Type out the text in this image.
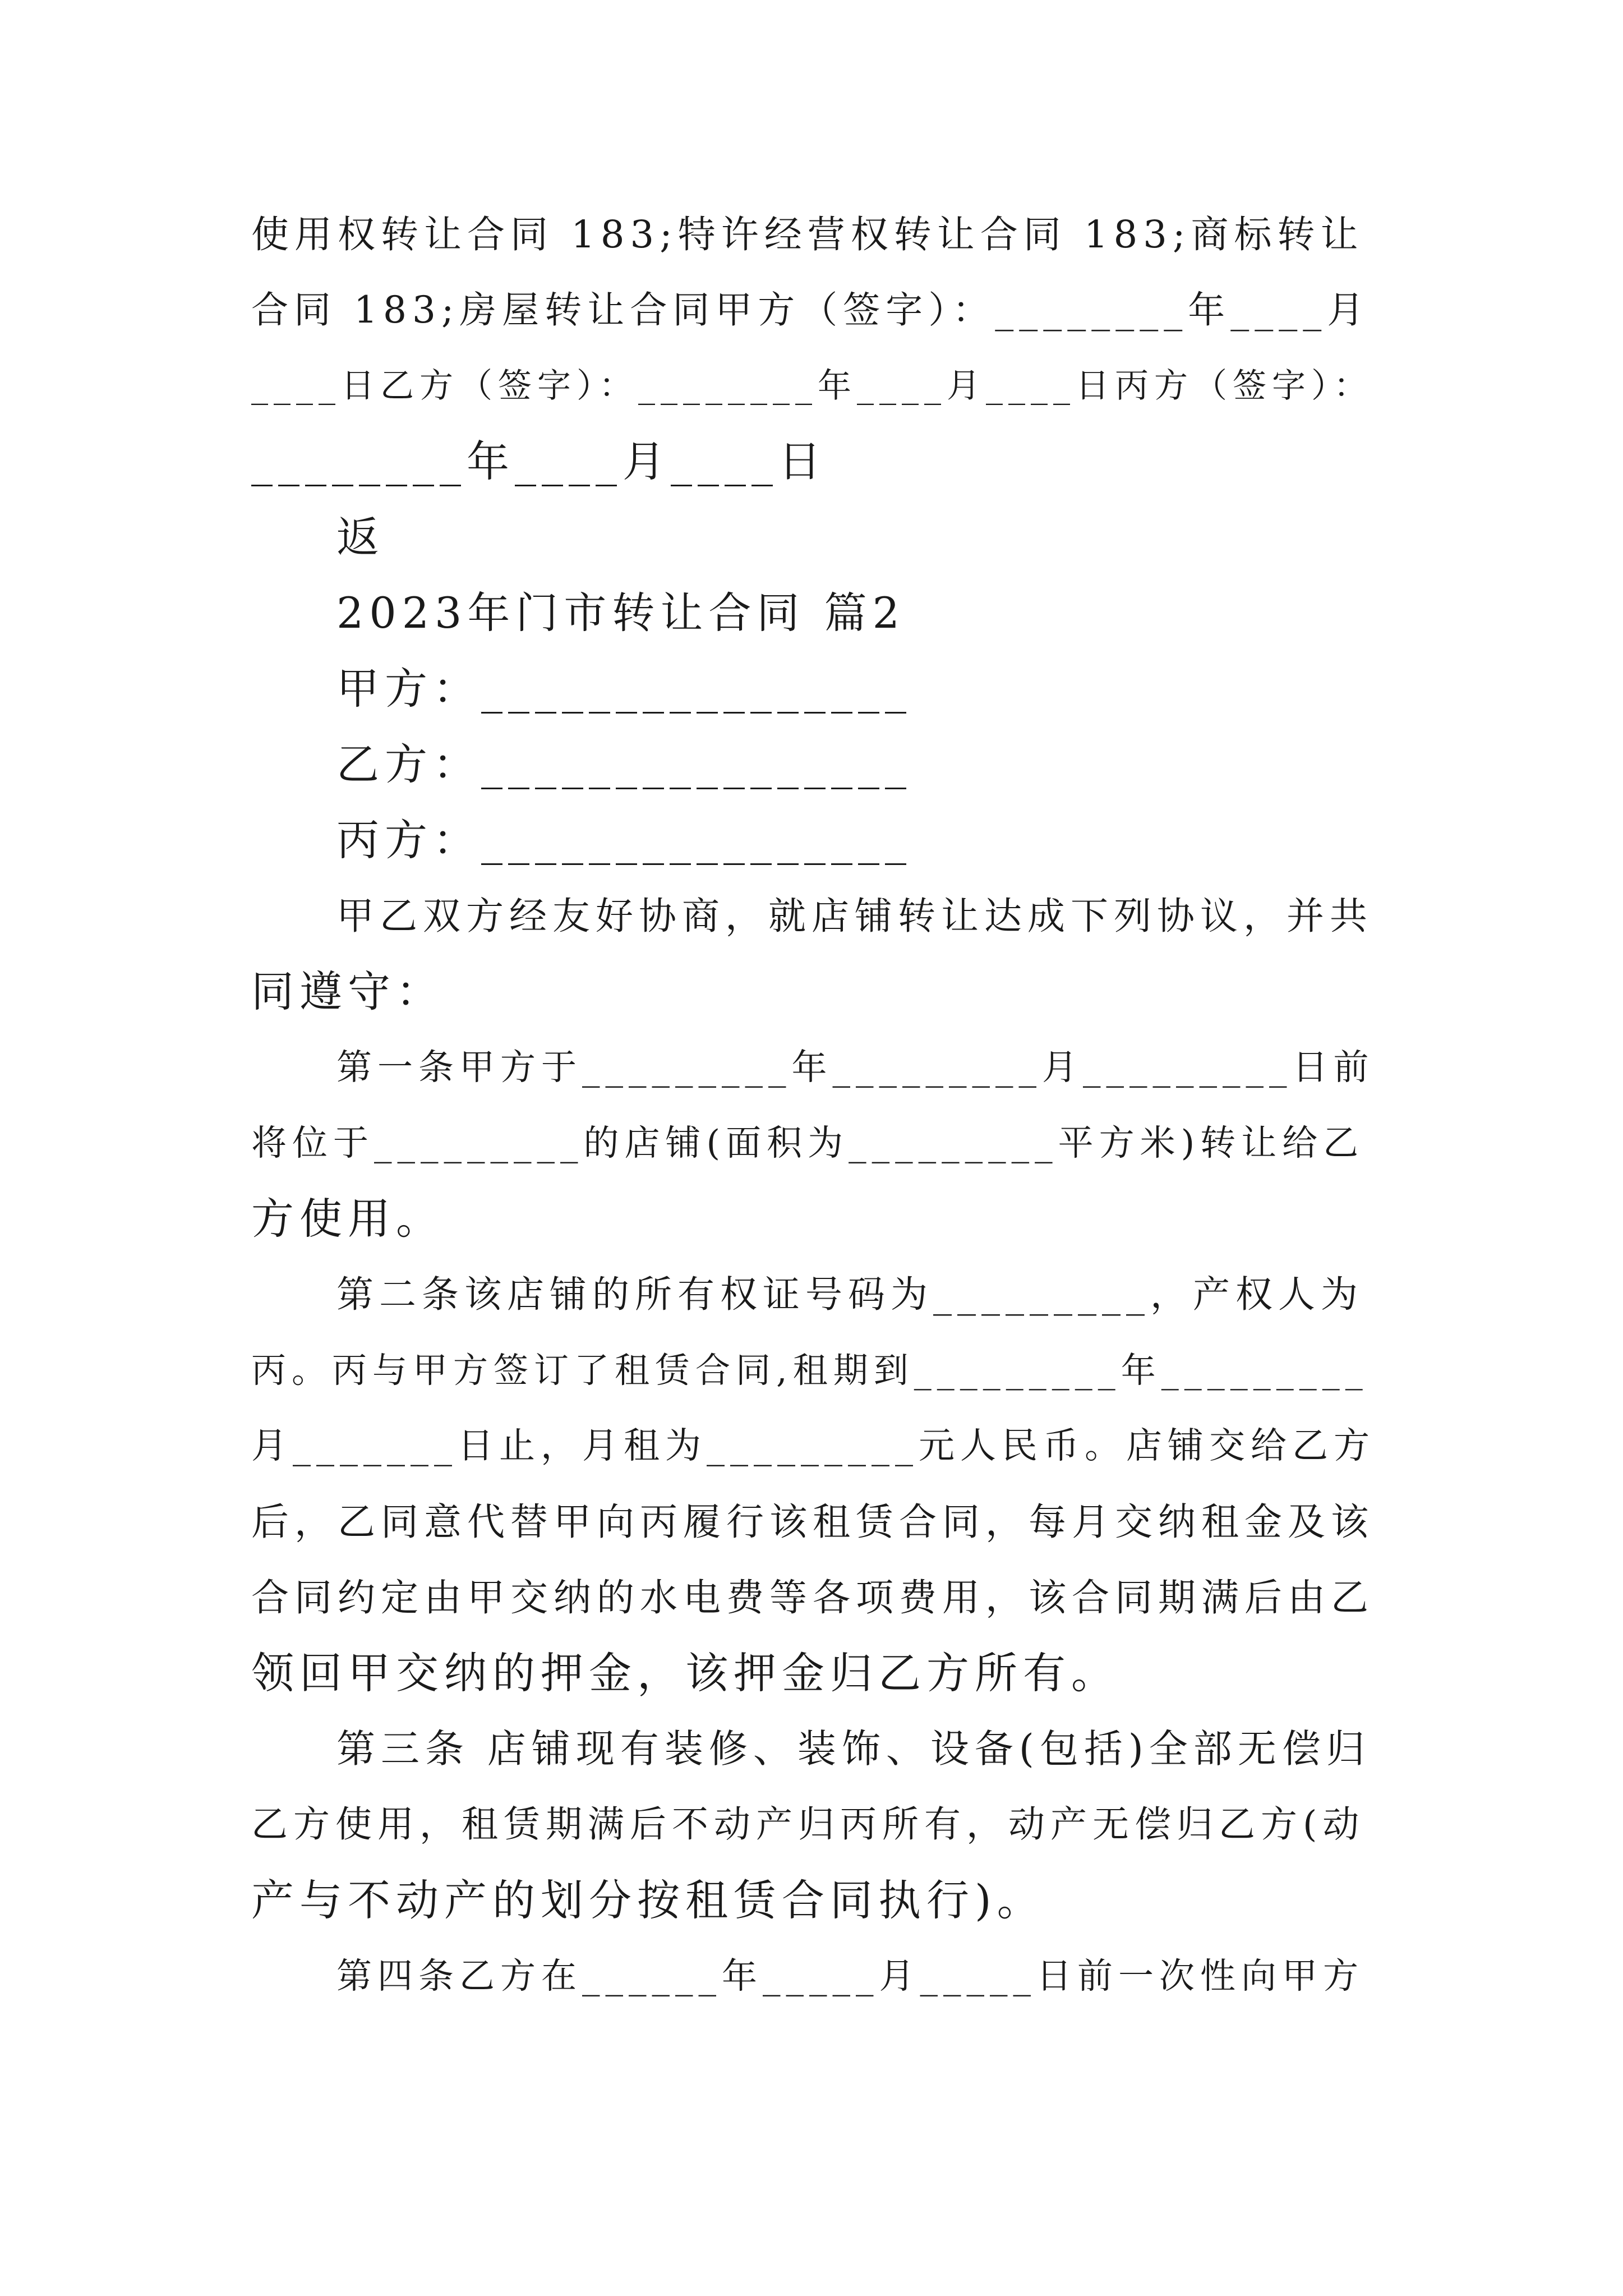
使用权转让合同 183;特许经营权转让合同 183;商标转让
合同 183;房屋转让合同甲方（签字）：________年____月
____日乙方（签字）：________年____月____日丙方（签字）：
________年____月____日
返
2023年门市转让合同 篇2
甲方：________________
乙方：________________
丙方：________________
甲乙双方经友好协商，就店铺转让达成下列协议，并共
同遵守：
第一条甲方于_________年_________月_________日前
将位于_________的店铺(面积为_________平方米)转让给乙
方使用。
第二条该店铺的所有权证号码为_________，产权人为
丙。丙与甲方签订了租赁合同,租期到_________年_________
月_______日止，月租为_________元人民币。店铺交给乙方
后，乙同意代替甲向丙履行该租赁合同，每月交纳租金及该
合同约定由甲交纳的水电费等各项费用，该合同期满后由乙
领回甲交纳的押金，该押金归乙方所有。
第三条 店铺现有装修、装饰、设备(包括)全部无偿归
乙方使用，租赁期满后不动产归丙所有，动产无偿归乙方(动
产与不动产的划分按租赁合同执行)。
第四条乙方在______年_____月_____日前一次性向甲方
